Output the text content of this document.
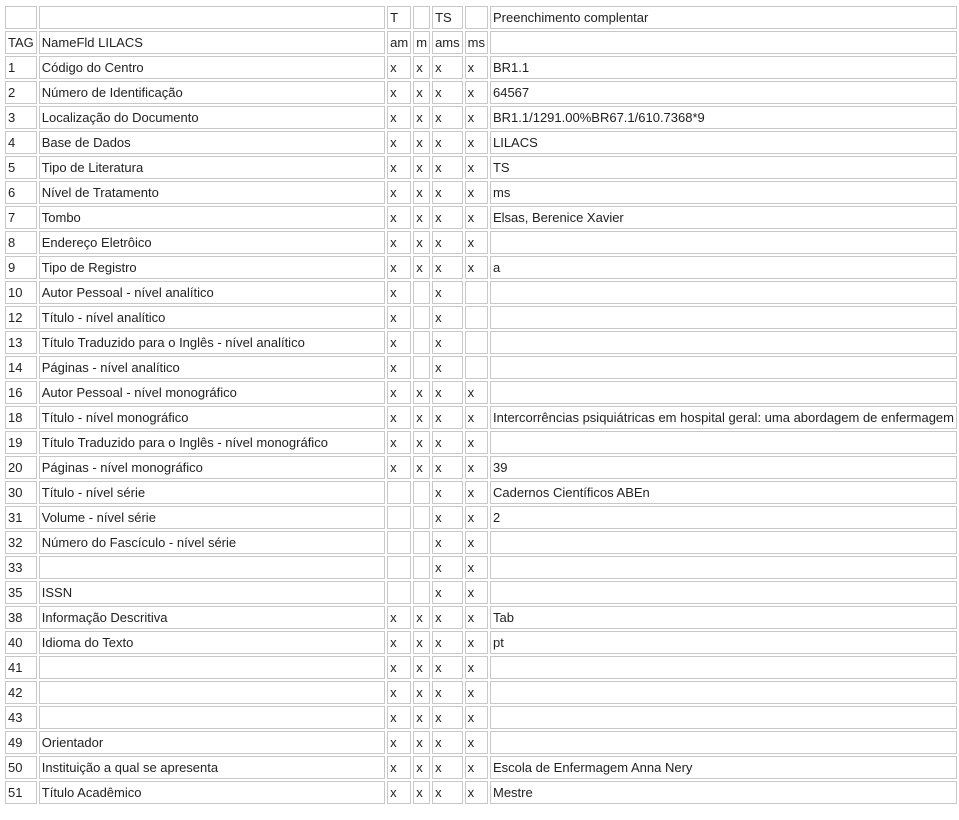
		T		TS		Preenchimento complentar
TAG	NameFld LILACS	am	m	ams	ms	
1	Código do Centro	x	x	x	x	BR1.1
2	Número de Identificação	x	x	x	x	64567
3	Localização do Documento	x	x	x	x	BR1.1/1291.00%BR67.1/610.7368*9
4	Base de Dados	x	x	x	x	LILACS
5	Tipo de Literatura	x	x	x	x	TS
6	Nível de Tratamento	x	x	x	x	ms
7	Tombo	x	x	x	x	Elsas, Berenice Xavier
8	Endereço Eletrôico	x	x	x	x	
9	Tipo de Registro	x	x	x	x	a
10	Autor Pessoal - nível analítico	x		x		
12	Título - nível analítico	x		x		
13	Título Traduzido para o Inglês - nível analítico	x		x		
14	Páginas - nível analítico	x		x		
16	Autor Pessoal - nível monográfico	x	x	x	x	
18	Título - nível monográfico	x	x	x	x	Intercorrências psiquiátricas em hospital geral: uma abordagem de enfermagem
19	Título Traduzido para o Inglês - nível monográfico	x	x	x	x	
20	Páginas - nível monográfico	x	x	x	x	39
30	Título - nível série			x	x	Cadernos Científicos ABEn
31	Volume - nível série			x	x	2
32	Número do Fascículo - nível série			x	x	
33				x	x	
35	ISSN			x	x	
38	Informação Descritiva	x	x	x	x	Tab
40	Idioma do Texto	x	x	x	x	pt
41		x	x	x	x	
42		x	x	x	x	
43		x	x	x	x	
49	Orientador	x	x	x	x	
50	Instituição a qual se apresenta	x	x	x	x	Escola de Enfermagem Anna Nery
51	Título Acadêmico	x	x	x	x	Mestre
